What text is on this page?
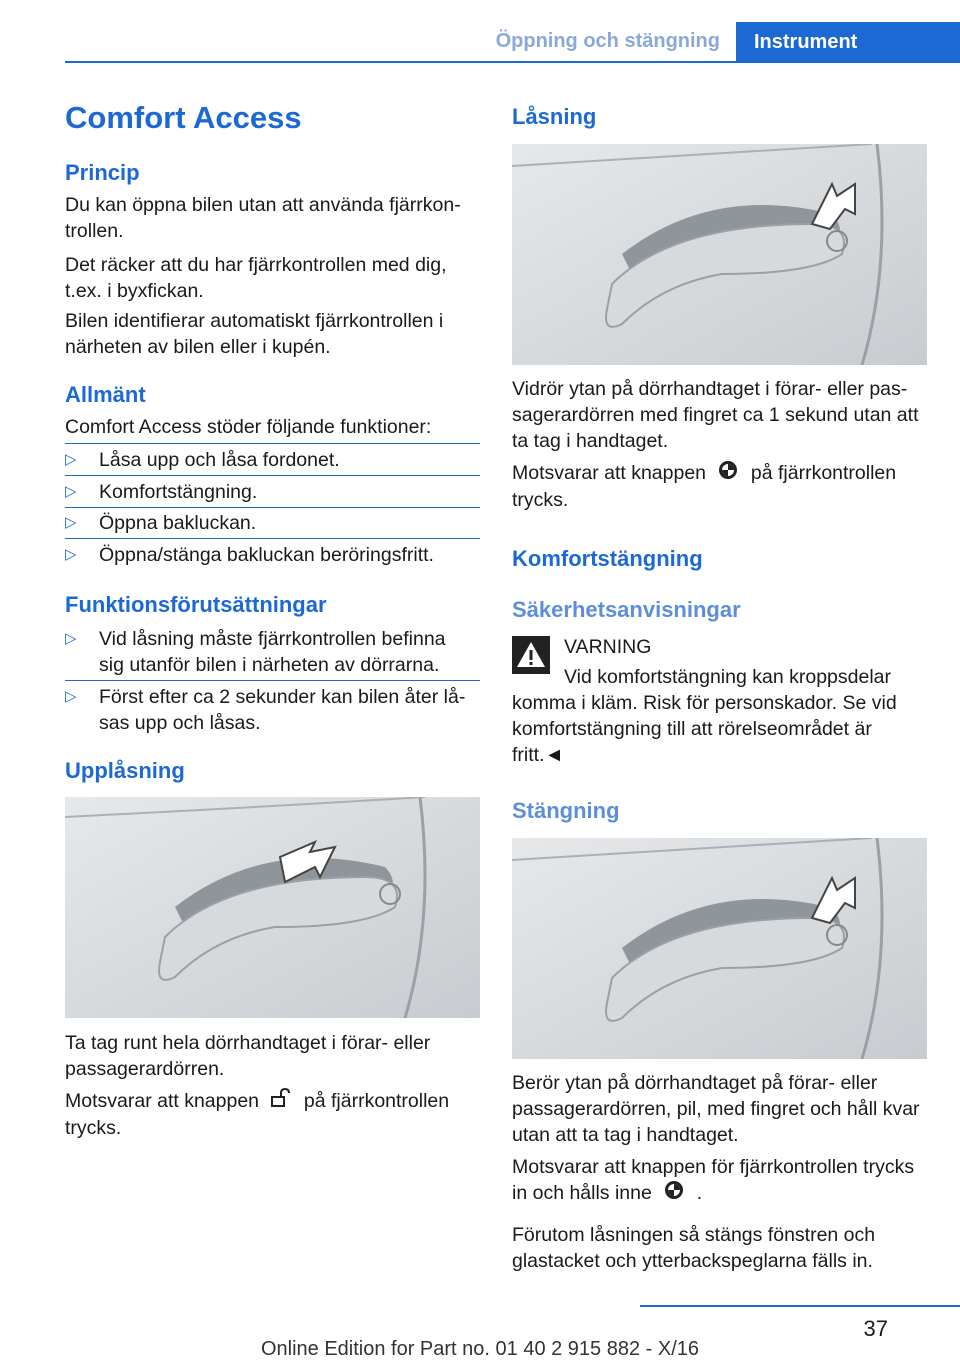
Öppning och stängning	Instrument
Comfort Access
Princip
Du kan öppna bilen utan att använda fjärrkon-
trollen.
Det räcker att du har fjärrkontrollen med dig,
t.ex. i byxfickan.
Bilen identifierar automatiskt fjärrkontrollen i
närheten av bilen eller i kupén.
Allmänt
Comfort Access stöder följande funktioner:
▷ Låsa upp och låsa fordonet.
▷ Komfortstängning.
▷ Öppna bakluckan.
▷ Öppna/stänga bakluckan beröringsfritt.
Funktionsförutsättningar
▷ Vid låsning måste fjärrkontrollen befinna
sig utanför bilen i närheten av dörrarna.
▷ Först efter ca 2 sekunder kan bilen åter lå-
sas upp och låsas.
Upplåsning
Ta tag runt hela dörrhandtaget i förar- eller
passagerardörren.
Motsvarar att knappen på fjärrkontrollen
trycks.
Låsning
Vidrör ytan på dörrhandtaget i förar- eller pas-
sagerardörren med fingret ca 1 sekund utan att
ta tag i handtaget.
Motsvarar att knappen på fjärrkontrollen
trycks.
Komfortstängning
Säkerhetsanvisningar
VARNING
Vid komfortstängning kan kroppsdelar
komma i kläm. Risk för personskador. Se vid
komfortstängning till att rörelseområdet är
fritt.◄
Stängning
Berör ytan på dörrhandtaget på förar- eller
passagerardörren, pil, med fingret och håll kvar
utan att ta tag i handtaget.
Motsvarar att knappen för fjärrkontrollen trycks
in och hålls inne .
Förutom låsningen så stängs fönstren och
glastacket och ytterbackspeglarna fälls in.
37
Online Edition for Part no. 01 40 2 915 882 - X/16
